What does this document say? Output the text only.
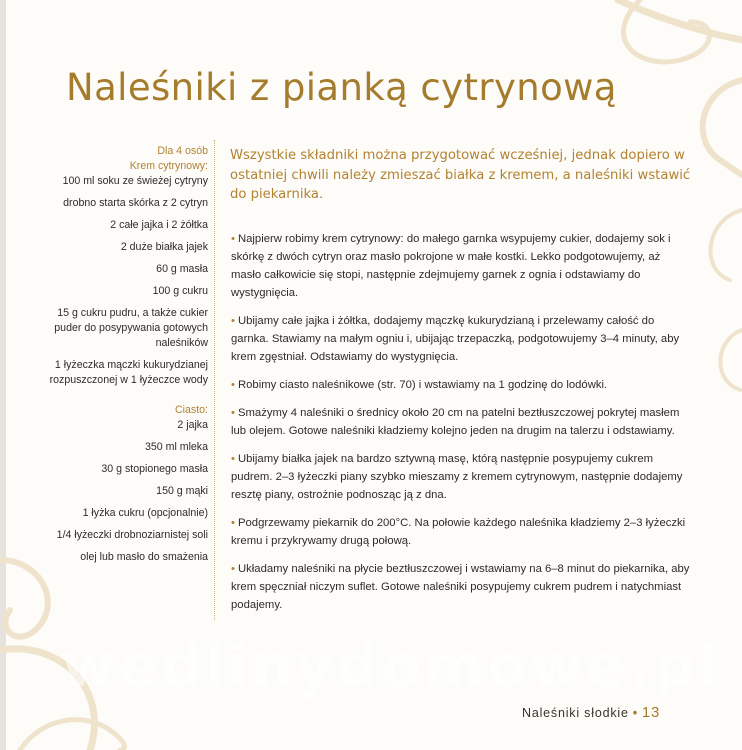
Naleśniki z pianką cytrynową
Dla 4 osób
Krem cytrynowy:
100 ml soku ze świeżej cytryny
drobno starta skórka z 2 cytryn
2 całe jajka i 2 żółtka
2 duże białka jajek
60 g masła
100 g cukru
15 g cukru pudru, a także cukier puder do posypywania gotowych naleśników
1 łyżeczka mączki kukurydzianej rozpuszczonej w 1 łyżeczce wody
Ciasto:
2 jajka
350 ml mleka
30 g stopionego masła
150 g mąki
1 łyżka cukru (opcjonalnie)
1/4 łyżeczki drobnoziarnistej soli
olej lub masło do smażenia
Wszystkie składniki można przygotować wcześniej, jednak dopiero w ostatniej chwili należy zmieszać białka z kremem, a naleśniki wstawić do piekarnika.
• Najpierw robimy krem cytrynowy: do małego garnka wsypujemy cukier, dodajemy sok i skórkę z dwóch cytryn oraz masło pokrojone w małe kostki. Lekko podgotowujemy, aż masło całkowicie się stopi, następnie zdejmujemy garnek z ognia i odstawiamy do wystygnięcia.
• Ubijamy całe jajka i żółtka, dodajemy mączkę kukurydzianą i przelewamy całość do garnka. Stawiamy na małym ogniu i, ubijając trzepaczką, podgotowujemy 3–4 minuty, aby krem zgęstniał. Odstawiamy do wystygnięcia.
• Robimy ciasto naleśnikowe (str. 70) i wstawiamy na 1 godzinę do lodówki.
• Smażymy 4 naleśniki o średnicy około 20 cm na patelni beztłuszczowej pokrytej masłem lub olejem. Gotowe naleśniki kładziemy kolejno jeden na drugim na talerzu i odstawiamy.
• Ubijamy białka jajek na bardzo sztywną masę, którą następnie posypujemy cukrem pudrem. 2–3 łyżeczki piany szybko mieszamy z kremem cytrynowym, następnie dodajemy resztę piany, ostrożnie podnosząc ją z dna.
• Podgrzewamy piekarnik do 200°C. Na połowie każdego naleśnika kładziemy 2–3 łyżeczki kremu i przykrywamy drugą połową.
• Układamy naleśniki na płycie beztłuszczowej i wstawiamy na 6–8 minut do piekarnika, aby krem spęczniał niczym suflet. Gotowe naleśniki posypujemy cukrem pudrem i natychmiast podajemy.
wedlinydomowe.pl
Naleśniki słodkie • 13
